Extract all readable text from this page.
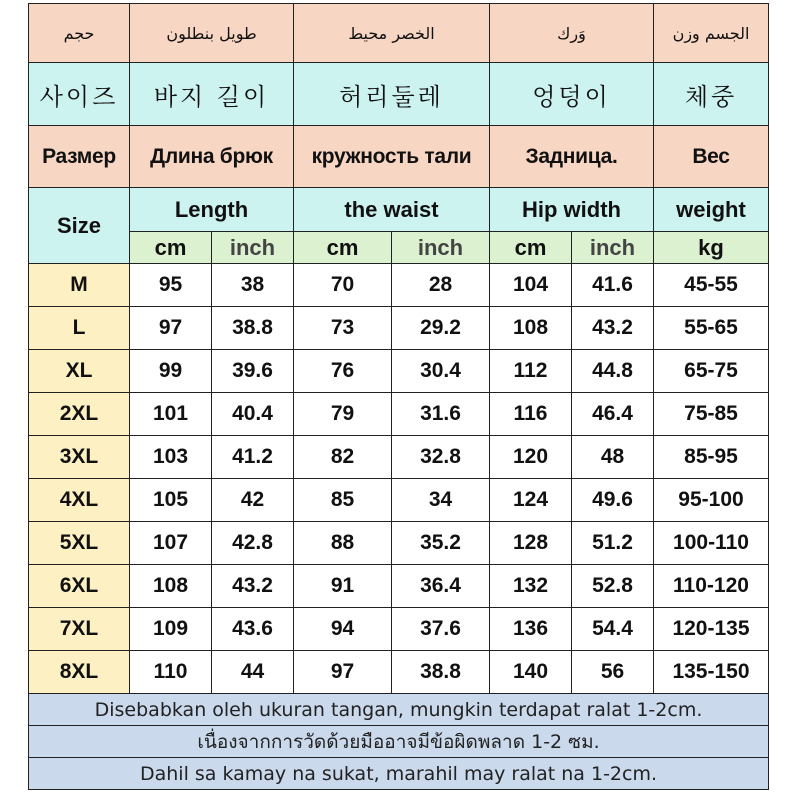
حجم	طويل بنطلون		الخصر محيط		وَرك		الجسم وزن
사이즈	바지 길이		허리둘레		엉덩이		체중
Размер	Длина брюк		кружность тали		Задница.		Вес
Size	Length		the waist		Hip width		weight
	cm	inch	cm	inch	cm	inch	kg
M	95	38	70	28	104	41.6	45-55
L	97	38.8	73	29.2	108	43.2	55-65
XL	99	39.6	76	30.4	112	44.8	65-75
2XL	101	40.4	79	31.6	116	46.4	75-85
3XL	103	41.2	82	32.8	120	48	85-95
4XL	105	42	85	34	124	49.6	95-100
5XL	107	42.8	88	35.2	128	51.2	100-110
6XL	108	43.2	91	36.4	132	52.8	110-120
7XL	109	43.6	94	37.6	136	54.4	120-135
8XL	110	44	97	38.8	140	56	135-150
Disebabkan oleh ukuran tangan, mungkin terdapat ralat 1-2cm.							
เนื่องจากการวัดด้วยมืออาจมีข้อผิดพลาด 1-2 ซม.							
Dahil sa kamay na sukat, marahil may ralat na 1-2cm.							
